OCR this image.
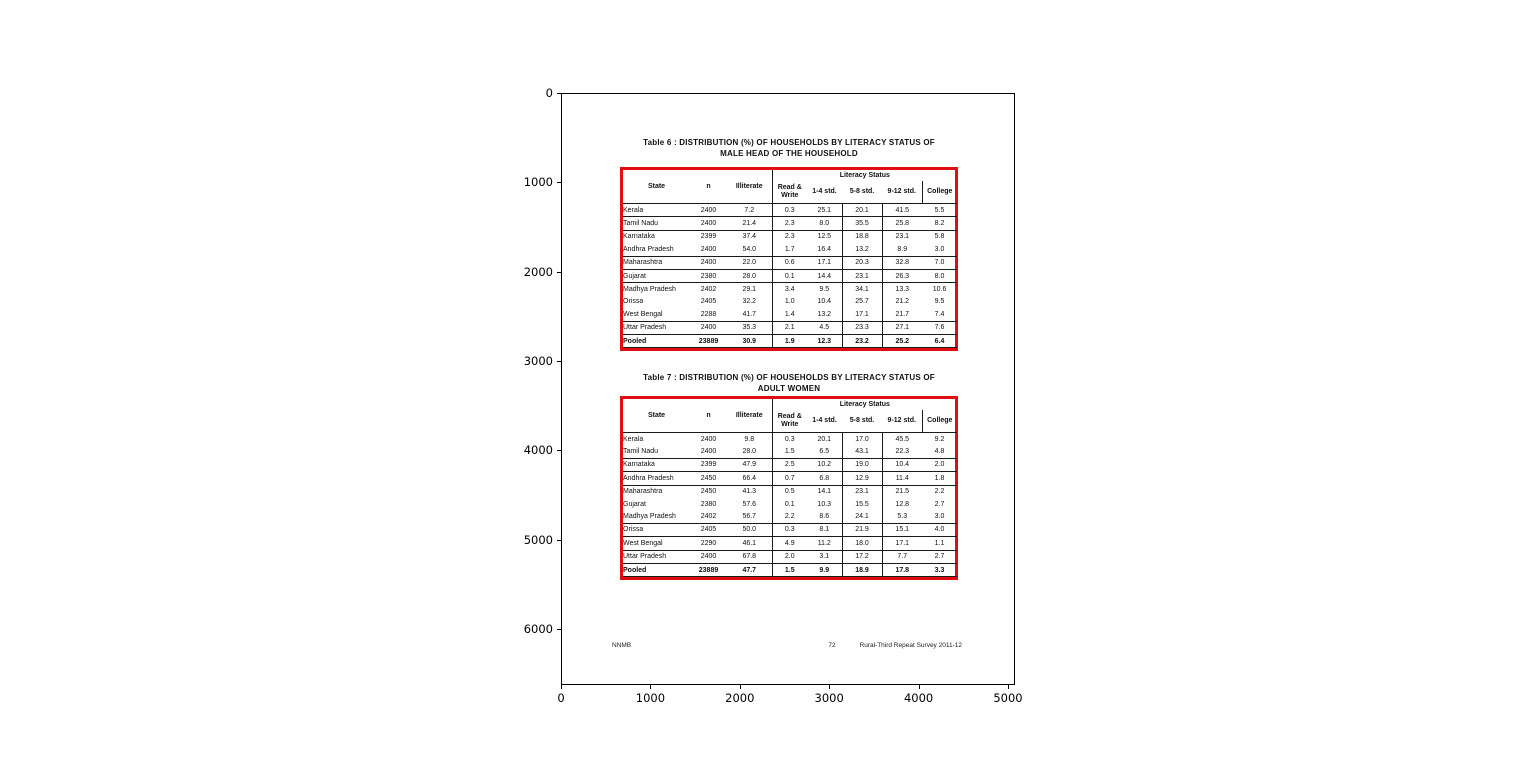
0
1000
2000
3000
4000
5000
6000
0	1000	2000	3000	4000	5000
Table 6 : DISTRIBUTION (%) OF HOUSEHOLDS BY LITERACY STATUS OF
MALE HEAD OF THE HOUSEHOLD
State	n	Illiterate	Literacy Status				

			Read &
Write	1-4 std.	5-8 std.	9-12 std.	College
Kerala	2400	7.2	0.3	25.1	20.1	41.5	5.5
Tamil Nadu	2400	21.4	2.3	8.0	35.5	25.8	8.2
Karnataka	2399	37.4	2.3	12.5	18.8	23.1	5.8
Andhra Pradesh	2400	54.0	1.7	16.4	13.2	8.9	3.0
Maharashtra	2400	22.0	0.6	17.1	20.3	32.8	7.0
Gujarat	2380	28.0	0.1	14.4	23.1	26.3	8.0
Madhya Pradesh	2402	29.1	3.4	9.5	34.1	13.3	10.6
Orissa	2405	32.2	1.0	10.4	25.7	21.2	9.5
West Bengal	2288	41.7	1.4	13.2	17.1	21.7	7.4
Uttar Pradesh	2400	35.3	2.1	4.5	23.3	27.1	7.6
Pooled	23889	30.9	1.9	12.3	23.2	25.2	6.4
Table 7 : DISTRIBUTION (%) OF HOUSEHOLDS BY LITERACY STATUS OF
ADULT WOMEN
State	n	Illiterate	Literacy Status				

			Read &
Write	1-4 std.	5-8 std.	9-12 std.	College
Kerala	2400	9.8	0.3	20.1	17.0	45.5	9.2
Tamil Nadu	2400	28.0	1.5	6.5	43.1	22.3	4.8
Karnataka	2399	47.9	2.5	10.2	19.0	10.4	2.0
Andhra Pradesh	2450	66.4	0.7	6.8	12.9	11.4	1.8
Maharashtra	2450	41.3	0.5	14.1	23.1	21.5	2.2
Gujarat	2380	57.6	0.1	10.3	15.5	12.8	2.7
Madhya Pradesh	2402	56.7	2.2	8.6	24.1	5.3	3.0
Orissa	2405	50.0	0.3	8.1	21.9	15.1	4.0
West Bengal	2290	46.1	4.9	11.2	18.0	17.1	1.1
Uttar Pradesh	2400	67.8	2.0	3.1	17.2	7.7	2.7
Pooled	23889	47.7	1.5	9.9	18.9	17.8	3.3
NNMB	72	Rural-Third Repeat Survey 2011-12
